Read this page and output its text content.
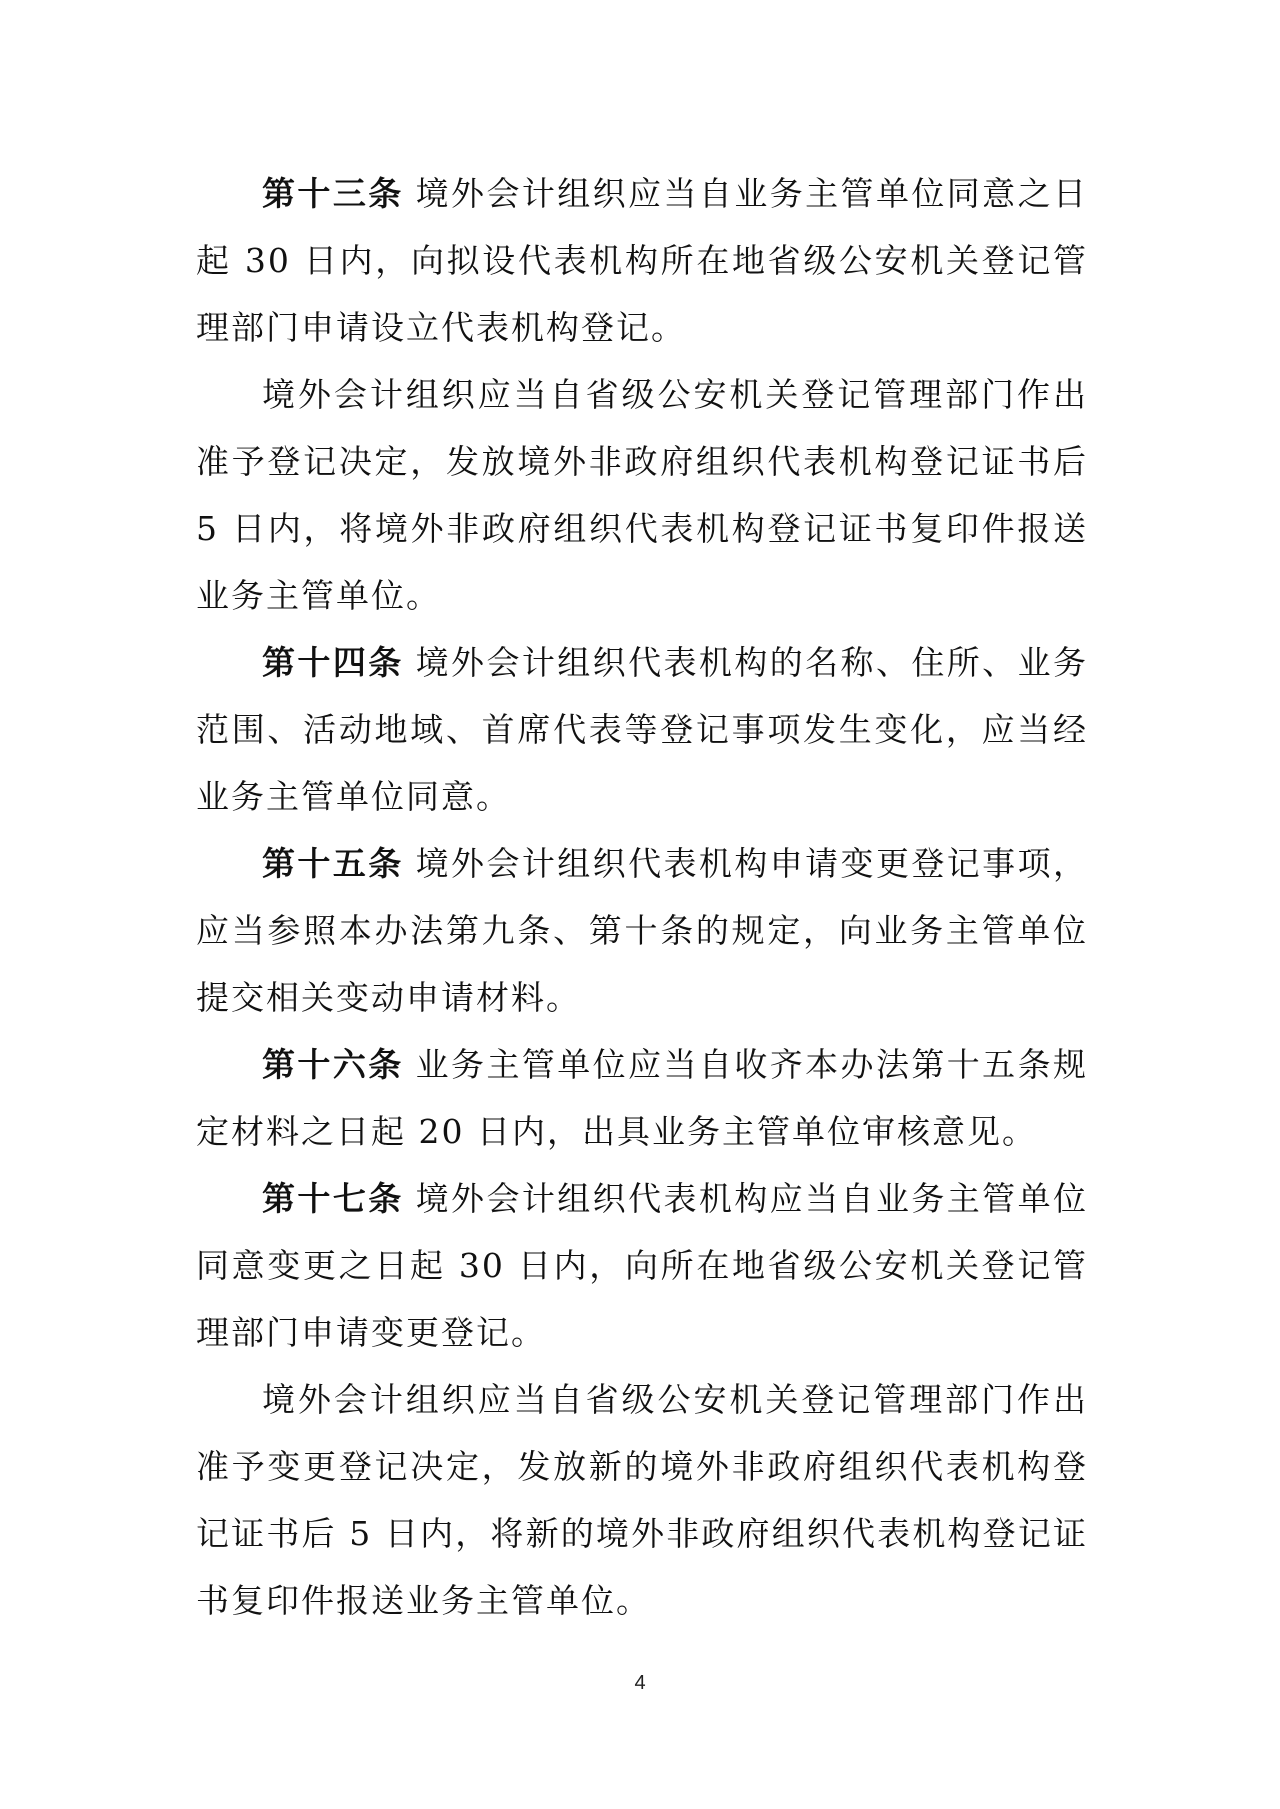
第十三条 境外会计组织应当自业务主管单位同意之日起 30 日内，向拟设代表机构所在地省级公安机关登记管理部门申请设立代表机构登记。

境外会计组织应当自省级公安机关登记管理部门作出准予登记决定，发放境外非政府组织代表机构登记证书后 5 日内，将境外非政府组织代表机构登记证书复印件报送业务主管单位。

第十四条 境外会计组织代表机构的名称、住所、业务范围、活动地域、首席代表等登记事项发生变化，应当经业务主管单位同意。

第十五条 境外会计组织代表机构申请变更登记事项，应当参照本办法第九条、第十条的规定，向业务主管单位提交相关变动申请材料。

第十六条 业务主管单位应当自收齐本办法第十五条规定材料之日起 20 日内，出具业务主管单位审核意见。

第十七条 境外会计组织代表机构应当自业务主管单位同意变更之日起 30 日内，向所在地省级公安机关登记管理部门申请变更登记。

境外会计组织应当自省级公安机关登记管理部门作出准予变更登记决定，发放新的境外非政府组织代表机构登记证书后 5 日内，将新的境外非政府组织代表机构登记证书复印件报送业务主管单位。

4
